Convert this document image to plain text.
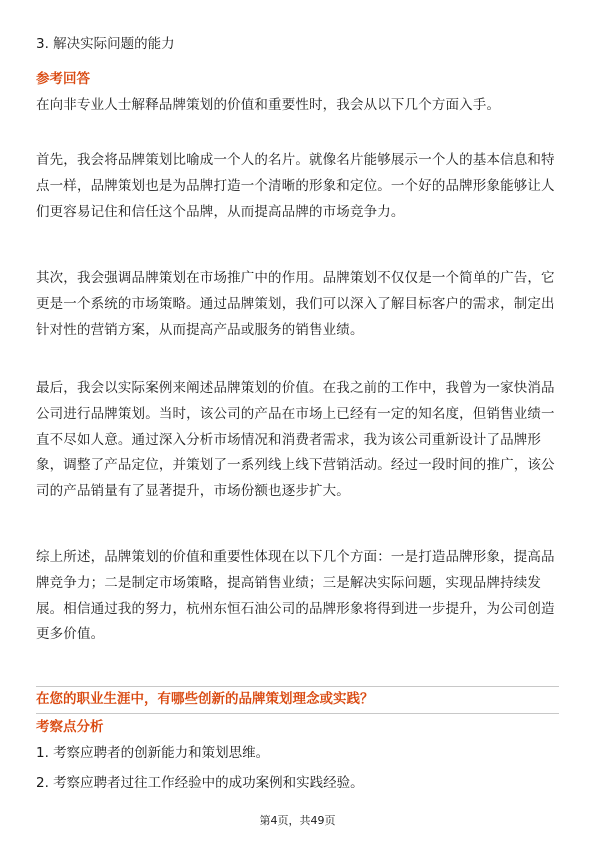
3. 解决实际问题的能力
参考回答

在向非专业人士解释品牌策划的价值和重要性时，我会从以下几个方面入手。

首先，我会将品牌策划比喻成一个人的名片。就像名片能够展示一个人的基本信息和特点一样，品牌策划也是为品牌打造一个清晰的形象和定位。一个好的品牌形象能够让人们更容易记住和信任这个品牌，从而提高品牌的市场竞争力。

其次，我会强调品牌策划在市场推广中的作用。品牌策划不仅仅是一个简单的广告，它更是一个系统的市场策略。通过品牌策划，我们可以深入了解目标客户的需求，制定出针对性的营销方案，从而提高产品或服务的销售业绩。

最后，我会以实际案例来阐述品牌策划的价值。在我之前的工作中，我曾为一家快消品公司进行品牌策划。当时，该公司的产品在市场上已经有一定的知名度，但销售业绩一直不尽如人意。通过深入分析市场情况和消费者需求，我为该公司重新设计了品牌形象，调整了产品定位，并策划了一系列线上线下营销活动。经过一段时间的推广，该公司的产品销量有了显著提升，市场份额也逐步扩大。

综上所述，品牌策划的价值和重要性体现在以下几个方面：一是打造品牌形象，提高品牌竞争力；二是制定市场策略，提高销售业绩；三是解决实际问题，实现品牌持续发展。相信通过我的努力，杭州东恒石油公司的品牌形象将得到进一步提升，为公司创造更多价值。

在您的职业生涯中，有哪些创新的品牌策划理念或实践？
考察点分析
1. 考察应聘者的创新能力和策划思维。
2. 考察应聘者过往工作经验中的成功案例和实践经验。
第4页，共49页
